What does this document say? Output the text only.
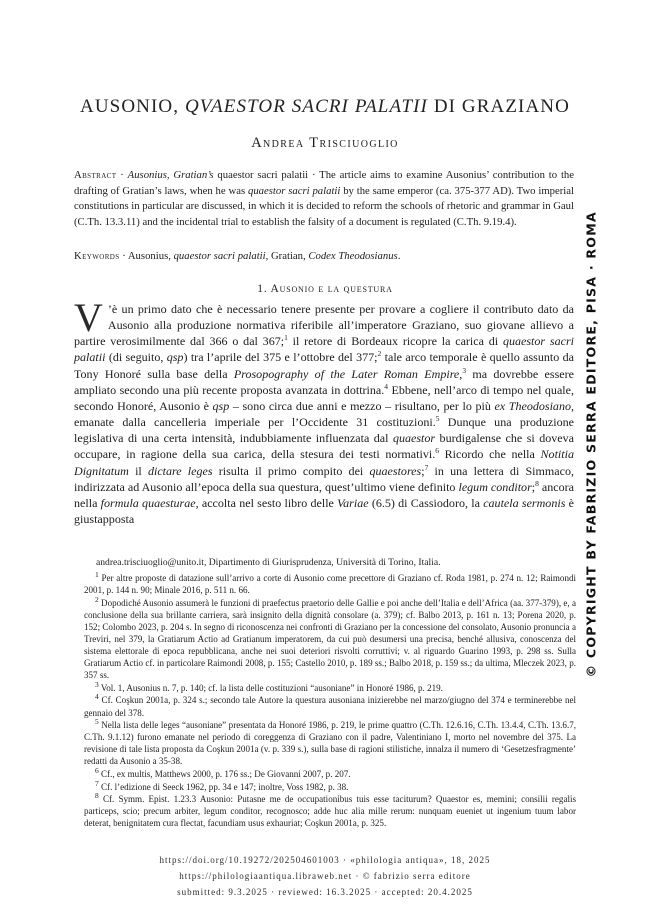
AUSONIO, QVAESTOR SACRI PALATII DI GRAZIANO
Andrea Trisciuoglio
Abstract · Ausonius, Gratian’s quaestor sacri palatii · The article aims to examine Ausonius’ contribution to the drafting of Gratian’s laws, when he was quaestor sacri palatii by the same emperor (ca. 375-377 AD). Two imperial constitutions in particular are discussed, in which it is decided to reform the schools of rhetoric and grammar in Gaul (C.Th. 13.3.11) and the incidental trial to establish the falsity of a document is regulated (C.Th. 9.19.4).
Keywords · Ausonius, quaestor sacri palatii, Gratian, Codex Theodosianus.
1. Ausonio e la questura
V ’è un primo dato che è necessario tenere presente per provare a cogliere il contributo dato da Ausonio alla produzione normativa riferibile all’imperatore Graziano, suo giovane allievo a partire verosimilmente dal 366 o dal 367;$^1$ il retore di Bordeaux ricopre la carica di quaestor sacri palatii (di seguito, qsp) tra l’aprile del 375 e l’ottobre del 377;$^2$ tale arco temporale è quello assunto da Tony Honoré sulla base della Prosopography of the Later Roman Empire,$^3$ ma dovrebbe essere ampliato secondo una più recente proposta avanzata in dottrina.$^4$ Ebbene, nell’arco di tempo nel quale, secondo Honoré, Ausonio è qsp – sono circa due anni e mezzo – risultano, per lo più ex Theodosiano, emanate dalla cancelleria imperiale per l’Occidente 31 costituzioni.$^5$ Dunque una produzione legislativa di una certa intensità, indubbiamente influenzata dal quaestor burdigalense che si doveva occupare, in ragione della sua carica, della stesura dei testi normativi.$^6$ Ricordo che nella Notitia Dignitatum il dictare leges risulta il primo compito dei quaestores;$^7$ in una lettera di Simmaco, indirizzata ad Ausonio all’epoca della sua questura, quest’ultimo viene definito legum conditor;$^8$ ancora nella formula quaesturae, accolta nel sesto libro delle Variae (6.5) di Cassiodoro, la cautela sermonis è giustapposta
andrea.trisciuoglio@unito.it, Dipartimento di Giurisprudenza, Università di Torino, Italia.

$^1$ Per altre proposte di datazione sull’arrivo a corte di Ausonio come precettore di Graziano cf. Roda 1981, p. 274 n. 12; Raimondi 2001, p. 144 n. 90; Minale 2016, p. 511 n. 66.

$^2$ Dopodiché Ausonio assumerà le funzioni di praefectus praetorio delle Gallie e poi anche dell’Italia e dell’Africa (aa. 377-379), e, a conclusione della sua brillante carriera, sarà insignito della dignità consolare (a. 379); cf. Balbo 2013, p. 161 n. 13; Porena 2020, p. 152; Colombo 2023, p. 204 s. In segno di riconoscenza nei confronti di Graziano per la concessione del consolato, Ausonio pronuncia a Treviri, nel 379, la Gratiarum Actio ad Gratianum imperatorem, da cui può desumersi una precisa, benché allusiva, conoscenza del sistema elettorale di epoca repubblicana, anche nei suoi deteriori risvolti corruttivi; v. al riguardo Guarino 1993, p. 298 ss. Sulla Gratiarum Actio cf. in particolare Raimondi 2008, p. 155; Castello 2010, p. 189 ss.; Balbo 2018, p. 159 ss.; da ultima, Mleczek 2023, p. 357 ss.

$^3$ Vol. 1, Ausonius n. 7, p. 140; cf. la lista delle costituzioni “ausoniane” in Honoré 1986, p. 219.

$^4$ Cf. Coşkun 2001a, p. 324 s.; secondo tale Autore la questura ausoniana inizierebbe nel marzo/giugno del 374 e terminerebbe nel gennaio del 378.

$^5$ Nella lista delle leges “ausoniane” presentata da Honoré 1986, p. 219, le prime quattro (C.Th. 12.6.16, C.Th. 13.4.4, C.Th. 13.6.7, C.Th. 9.1.12) furono emanate nel periodo di coreggenza di Graziano con il padre, Valentiniano I, morto nel novembre del 375. La revisione di tale lista proposta da Coşkun 2001a (v. p. 339 s.), sulla base di ragioni stilistiche, innalza il numero di ‘Gesetzesfragmente’ redatti da Ausonio a 35-38.

$^6$ Cf., ex multis, Matthews 2000, p. 176 ss.; De Giovanni 2007, p. 207.

$^7$ Cf. l’edizione di Seeck 1962, pp. 34 e 147; inoltre, Voss 1982, p. 38.

$^8$ Cf. Symm. Epist. 1.23.3 Ausonio: Putasne me de occupationibus tuis esse taciturum? Quaestor es, memini; consilii regalis particeps, scio; precum arbiter, legum conditor, recognosco; adde huc alia mille rerum: nunquam eueniet ut ingenium tuum labor deterat, benignitatem cura flectat, facundiam usus exhauriat; Coşkun 2001a, p. 325.

https://doi.org/10.19272/202504601003 · «philologia antiqua», 18, 2025
https://philologiaantiqua.libraweb.net · © fabrizio serra editore
submitted: 9.3.2025 · reviewed: 16.3.2025 · accepted: 20.4.2025
© COPYRIGHT BY FABRIZIO SERRA EDITORE, PISA · ROMA
